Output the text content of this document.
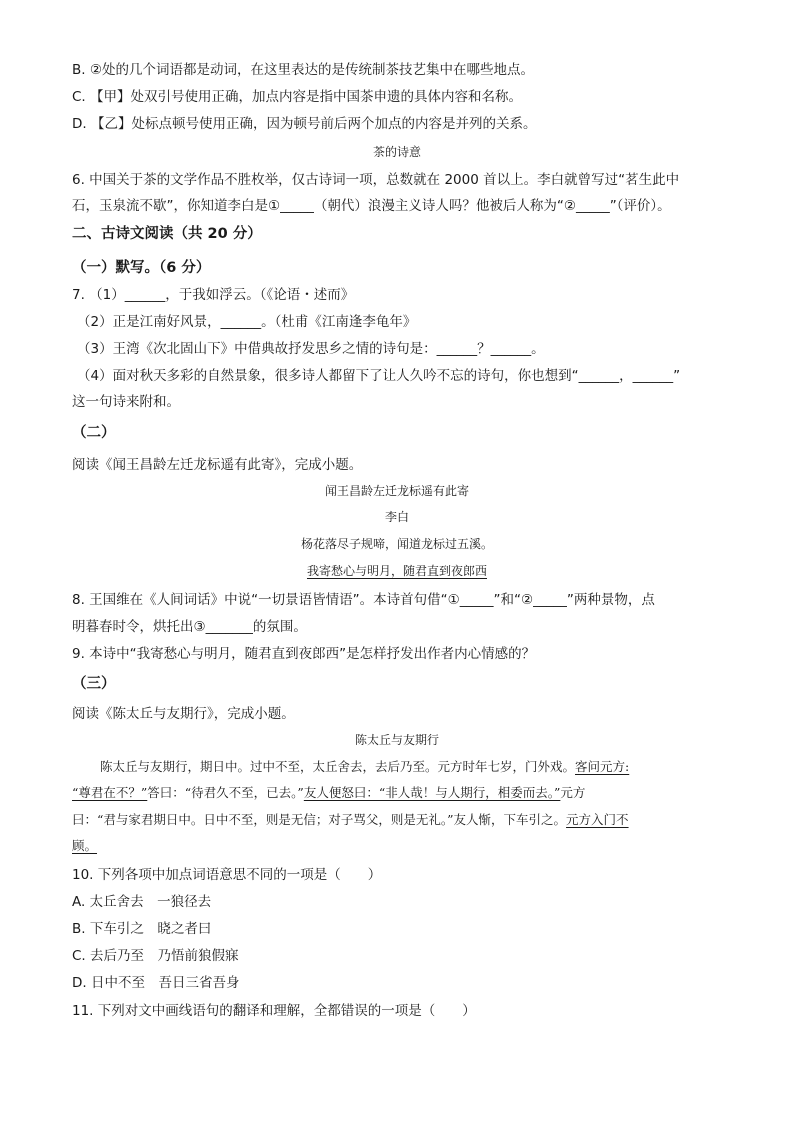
B. ②处的几个词语都是动词，在这里表达的是传统制茶技艺集中在哪些地点。
C. 【甲】处双引号使用正确，加点内容是指中国茶申遗的具体内容和名称。
D. 【乙】处标点顿号使用正确，因为顿号前后两个加点的内容是并列的关系。
茶的诗意
6. 中国关于茶的文学作品不胜枚举，仅古诗词一项，总数就在 2000 首以上。李白就曾写过“茗生此中
石，玉泉流不歇”，你知道李白是①_____（朝代）浪漫主义诗人吗？他被后人称为“②_____”（评价）。
二、古诗文阅读（共 20 分）
（一）默写。（6 分）
7. （1）______，于我如浮云。（《论语・述而》
（2）正是江南好风景，______。（杜甫《江南逢李龟年》
（3）王湾《次北固山下》中借典故抒发思乡之情的诗句是：______？______。
（4）面对秋天多彩的自然景象，很多诗人都留下了让人久吟不忘的诗句，你也想到“______，______”
这一句诗来附和。
（二）
阅读《闻王昌龄左迁龙标遥有此寄》，完成小题。
闻王昌龄左迁龙标遥有此寄
李白
杨花落尽子规啼，闻道龙标过五溪。
我寄愁心与明月，随君直到夜郎西
8. 王国维在《人间词话》中说“一切景语皆情语”。本诗首句借“①_____”和“②_____”两种景物，点
明暮春时令，烘托出③_______的氛围。
9. 本诗中“我寄愁心与明月，随君直到夜郎西”是怎样抒发出作者内心情感的？
（三）
阅读《陈太丘与友期行》，完成小题。
陈太丘与友期行
陈太丘与友期行，期日中。过中不至，太丘舍去，去后乃至。元方时年七岁，门外戏。客问元方:
“尊君在不？”答曰：“待君久不至，已去。”友人便怒曰：“非人哉！与人期行，相委而去。”元方
曰：“君与家君期日中。日中不至，则是无信；对子骂父，则是无礼。”友人惭，下车引之。元方入门不
顾。
10. 下列各项中加点词语意思不同的一项是（　　）
A. 太丘舍去　一狼径去
B. 下车引之　晓之者曰
C. 去后乃至　乃悟前狼假寐
D. 日中不至　吾日三省吾身
11. 下列对文中画线语句的翻译和理解，全都错误的一项是（　　）
